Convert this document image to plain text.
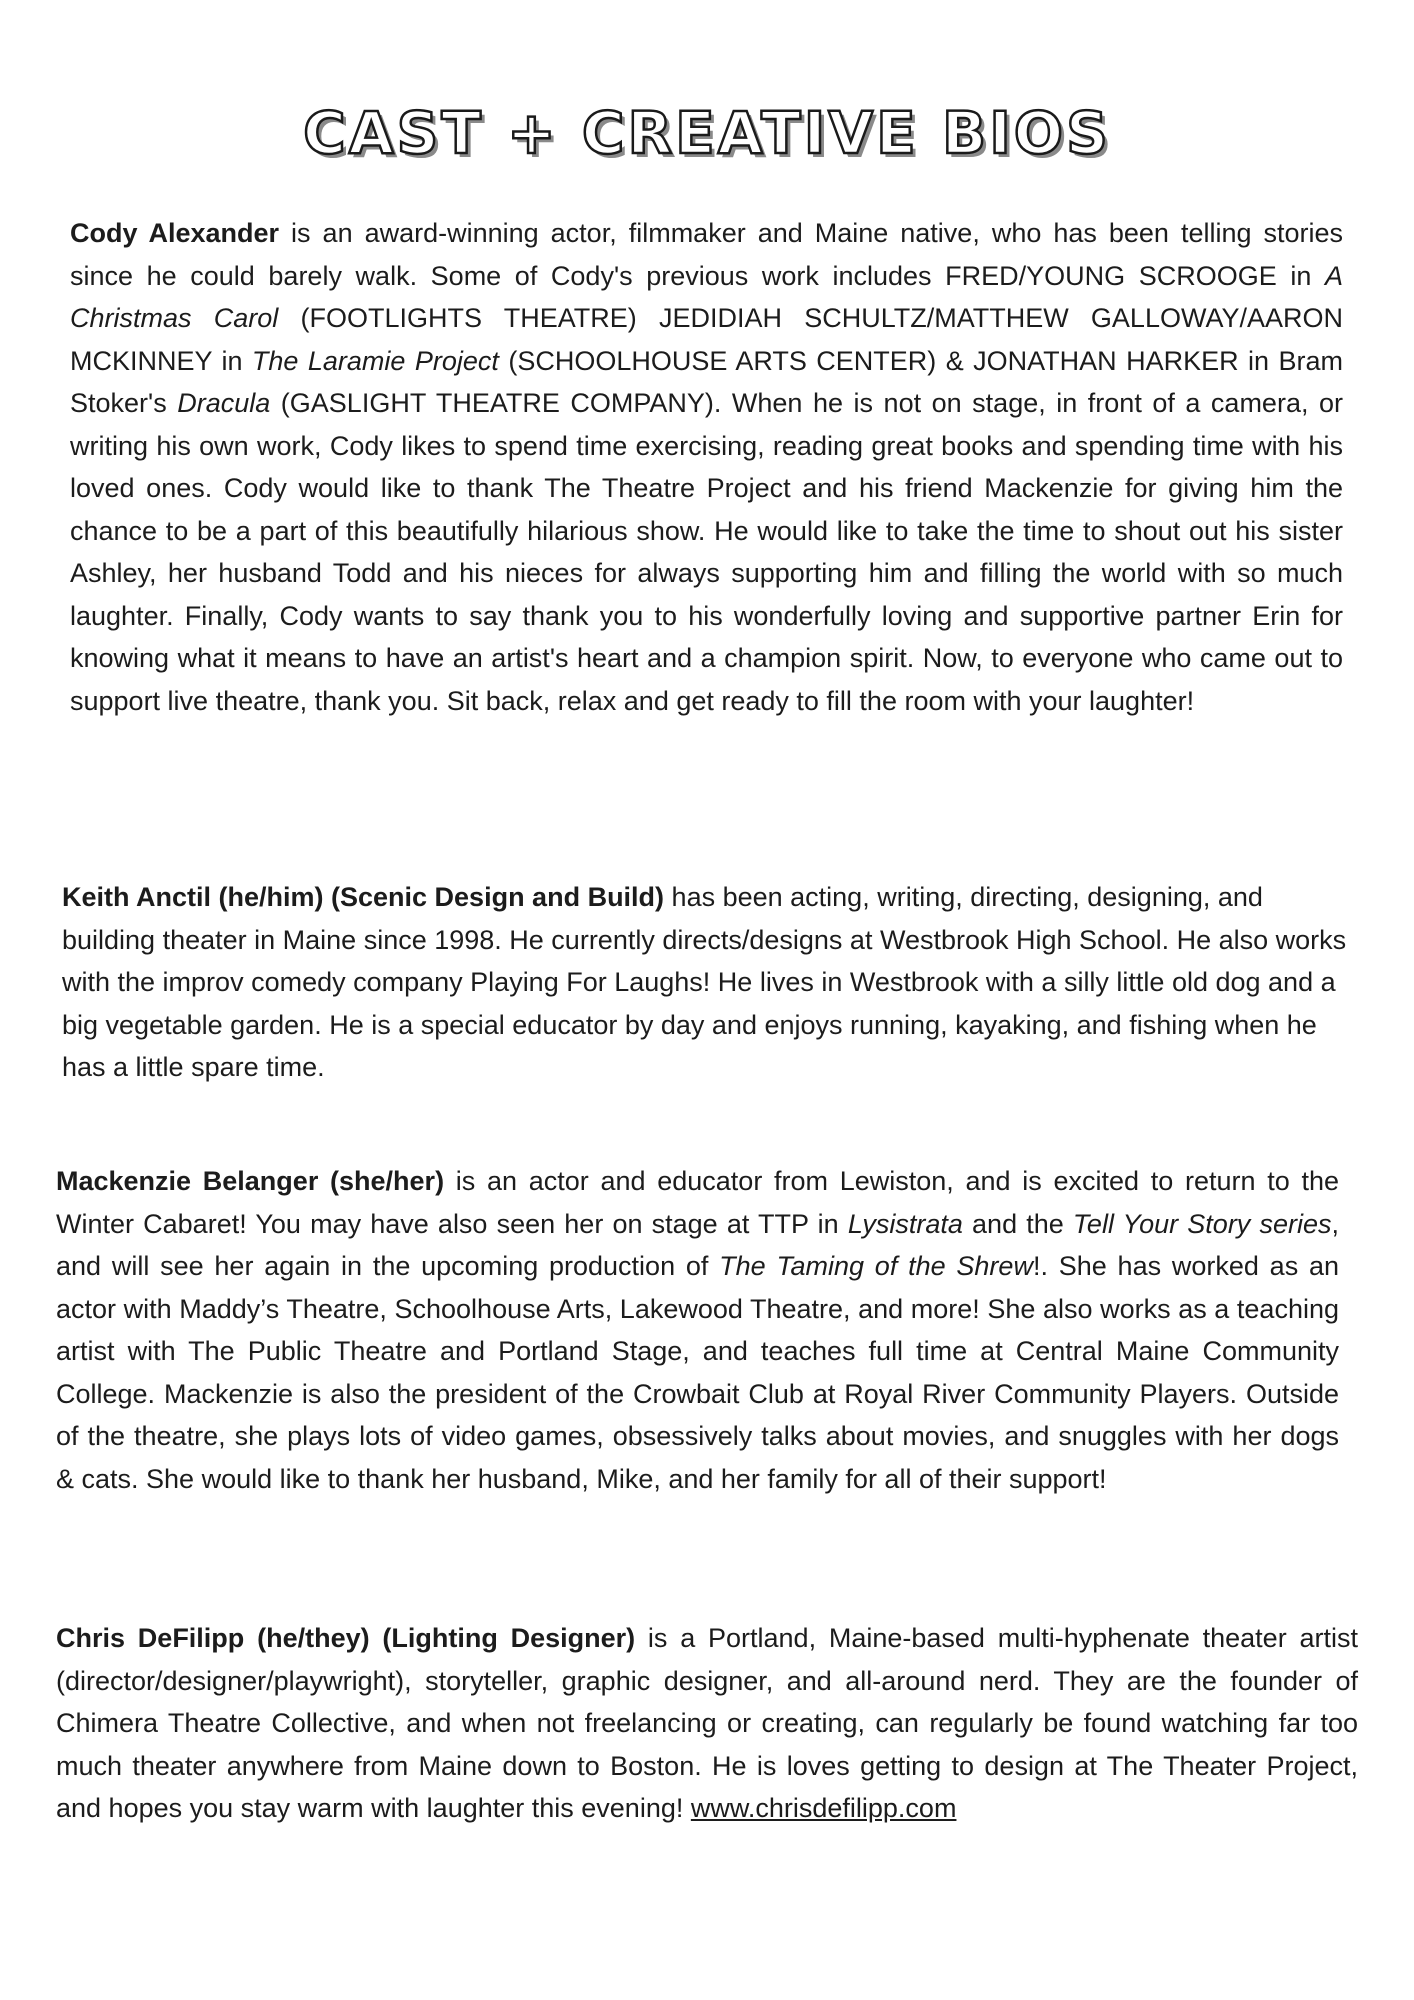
CAST + CREATIVE BIOS

Cody Alexander is an award-winning actor, filmmaker and Maine native, who has been telling stories since he could barely walk. Some of Cody's previous work includes FRED/YOUNG SCROOGE in A Christmas Carol (FOOTLIGHTS THEATRE) JEDIDIAH SCHULTZ/MATTHEW GALLOWAY/AARON MCKINNEY in The Laramie Project (SCHOOLHOUSE ARTS CENTER) & JONATHAN HARKER in Bram Stoker's Dracula (GASLIGHT THEATRE COMPANY). When he is not on stage, in front of a camera, or writing his own work, Cody likes to spend time exercising, reading great books and spending time with his loved ones. Cody would like to thank The Theatre Project and his friend Mackenzie for giving him the chance to be a part of this beautifully hilarious show. He would like to take the time to shout out his sister Ashley, her husband Todd and his nieces for always supporting him and filling the world with so much laughter. Finally, Cody wants to say thank you to his wonderfully loving and supportive partner Erin for knowing what it means to have an artist's heart and a champion spirit. Now, to everyone who came out to support live theatre, thank you. Sit back, relax and get ready to fill the room with your laughter!

Keith Anctil (he/him) (Scenic Design and Build) has been acting, writing, directing, designing, and building theater in Maine since 1998. He currently directs/designs at Westbrook High School. He also works with the improv comedy company Playing For Laughs! He lives in Westbrook with a silly little old dog and a big vegetable garden. He is a special educator by day and enjoys running, kayaking, and fishing when he has a little spare time.

Mackenzie Belanger (she/her) is an actor and educator from Lewiston, and is excited to return to the Winter Cabaret! You may have also seen her on stage at TTP in Lysistrata and the Tell Your Story series, and will see her again in the upcoming production of The Taming of the Shrew!. She has worked as an actor with Maddy’s Theatre, Schoolhouse Arts, Lakewood Theatre, and more! She also works as a teaching artist with The Public Theatre and Portland Stage, and teaches full time at Central Maine Community College. Mackenzie is also the president of the Crowbait Club at Royal River Community Players. Outside of the theatre, she plays lots of video games, obsessively talks about movies, and snuggles with her dogs & cats. She would like to thank her husband, Mike, and her family for all of their support!

Chris DeFilipp (he/they) (Lighting Designer) is a Portland, Maine-based multi-hyphenate theater artist (director/designer/playwright), storyteller, graphic designer, and all-around nerd. They are the founder of Chimera Theatre Collective, and when not freelancing or creating, can regularly be found watching far too much theater anywhere from Maine down to Boston. He is loves getting to design at The Theater Project, and hopes you stay warm with laughter this evening! www.chrisdefilipp.com
